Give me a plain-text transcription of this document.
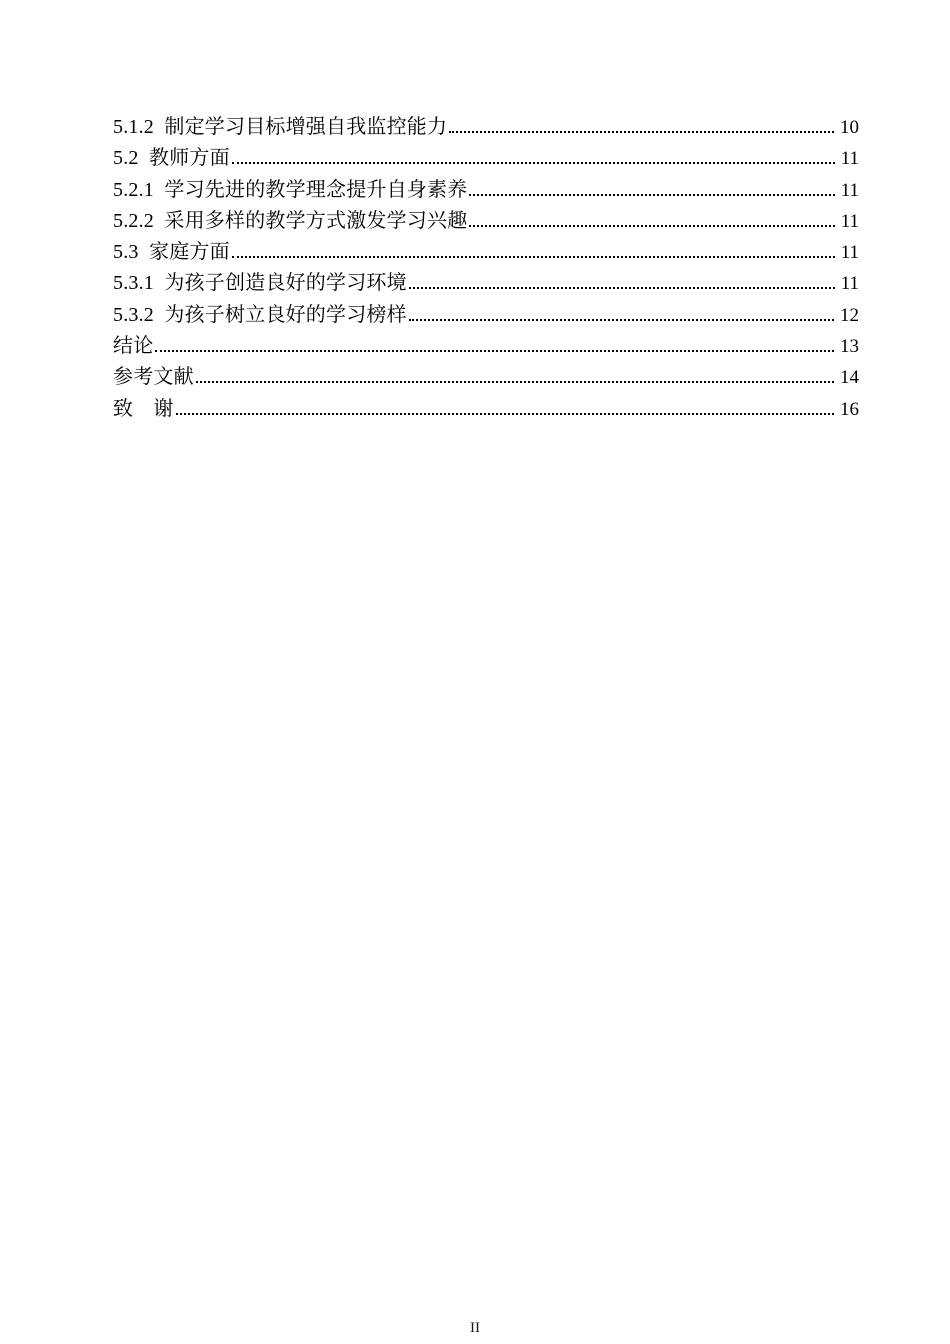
5.1.2  制定学习目标增强自我监控能力	10
5.2  教师方面	11
5.2.1  学习先进的教学理念提升自身素养	11
5.2.2  采用多样的教学方式激发学习兴趣	11
5.3  家庭方面	11
5.3.1  为孩子创造良好的学习环境	11
5.3.2  为孩子树立良好的学习榜样	12
结论	13
参考文献	14
致　谢	16
II
